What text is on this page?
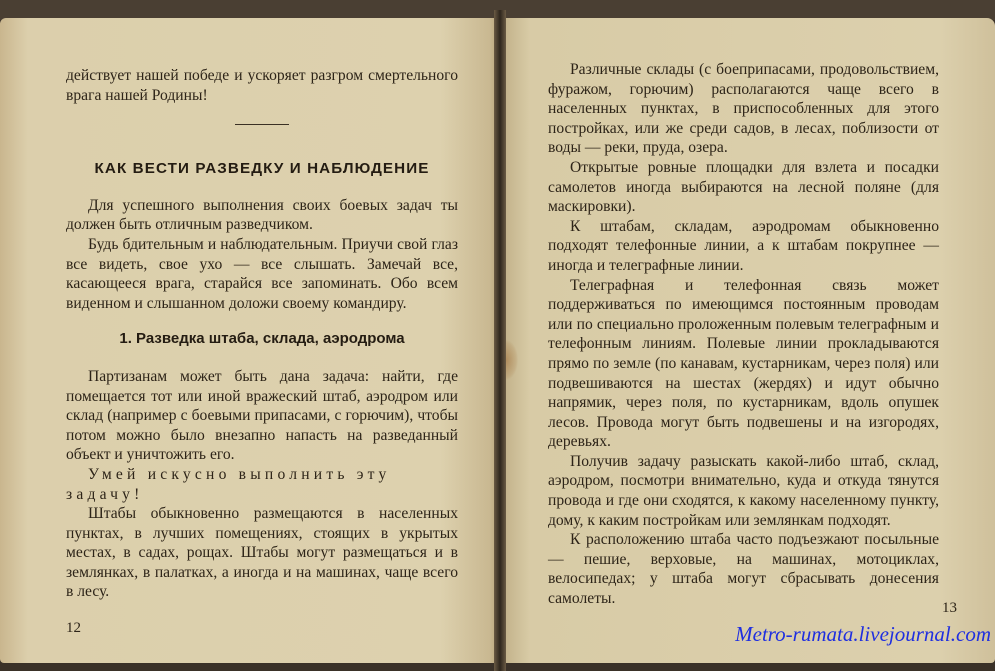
действует нашей победе и ускоряет разгром смертельного врага нашей Родины!

КАК ВЕСТИ РАЗВЕДКУ И НАБЛЮДЕНИЕ

Для успешного выполнения своих боевых задач ты должен быть отличным разведчиком.

Будь бдительным и наблюдательным. Приучи свой глаз все видеть, свое ухо — все слышать. Замечай все, касающееся врага, старайся все запоминать. Обо всем виденном и слышанном доложи своему командиру.

1. Разведка штаба, склада, аэродрома

Партизанам может быть дана задача: найти, где помещается тот или иной вражеский штаб, аэродром или склад (например с боевыми припасами, с горючим), чтобы потом можно было внезапно напасть на разведанный объект и уничтожить его.

Умей искусно выполнить эту задачу!

Штабы обыкновенно размещаются в населенных пунктах, в лучших помещениях, стоящих в укрытых местах, в садах, рощах. Штабы могут размещаться и в землянках, в палатках, а иногда и на машинах, чаще всего в лесу.

12

Различные склады (с боеприпасами, продовольствием, фуражом, горючим) располагаются чаще всего в населенных пунктах, в приспособленных для этого постройках, или же среди садов, в лесах, поблизости от воды — реки, пруда, озера.

Открытые ровные площадки для взлета и посадки самолетов иногда выбираются на лесной поляне (для маскировки).

К штабам, складам, аэродромам обыкновенно подходят телефонные линии, а к штабам покрупнее — иногда и телеграфные линии.

Телеграфная и телефонная связь может поддерживаться по имеющимся постоянным проводам или по специально проложенным полевым телеграфным и телефонным линиям. Полевые линии прокладываются прямо по земле (по канавам, кустарникам, через поля) или подвешиваются на шестах (жердях) и идут обычно напрямик, через поля, по кустарникам, вдоль опушек лесов. Провода могут быть подвешены и на изгородях, деревьях.

Получив задачу разыскать какой-либо штаб, склад, аэродром, посмотри внимательно, куда и откуда тянутся провода и где они сходятся, к какому населенному пункту, дому, к каким постройкам или землянкам подходят.

К расположению штаба часто подъезжают посыльные — пешие, верховые, на машинах, мотоциклах, велосипедах; у штаба могут сбрасывать донесения самолеты.

13
Metro-rumata.livejournal.com
